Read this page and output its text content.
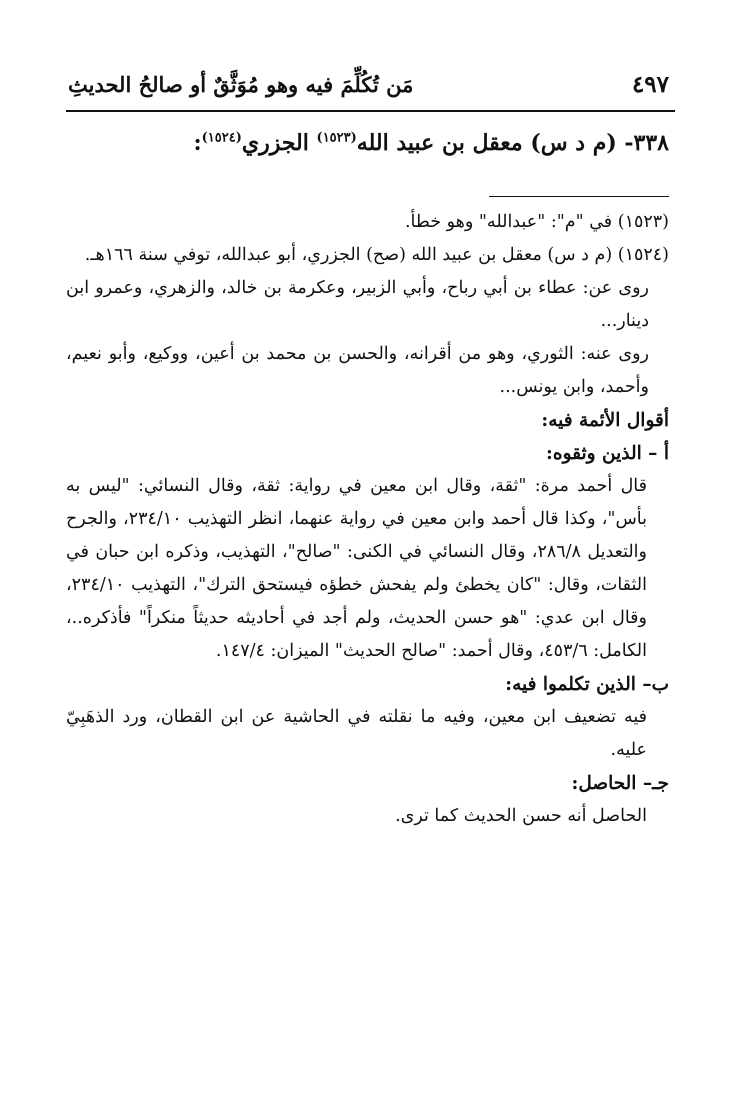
مَن تُكُلِّمَ فيه وهو مُوَثَّقٌ أو صالحُ الحديثِ	٤٩٧
٣٣٨- (م د س) معقل بن عبيد الله$^{(١٥٢٣)}$ الجزري$^{(١٥٢٤)}$:

(١٥٢٣) في "م": "عبدالله" وهو خطأ.

(١٥٢٤) (م د س) معقل بن عبيد الله (صح) الجزري، أبو عبدالله، توفي سنة ١٦٦هـ.

روى عن: عطاء بن أبي رباح، وأبي الزبير، وعكرمة بن خالد، والزهري، وعمرو ابن دينار...

روى عنه: الثوري، وهو من أقرانه، والحسن بن محمد بن أعين، ووكيع، وأبو نعيم، وأحمد، وابن يونس...

أقوال الأئمة فيه:

أ – الذين وثقوه:

قال أحمد مرة: "ثقة، وقال ابن معين في رواية: ثقة، وقال النسائي: "ليس به بأس"، وكذا قال أحمد وابن معين في رواية عنهما، انظر التهذيب ٢٣٤/١٠، والجرح والتعديل ٢٨٦/٨، وقال النسائي في الكنى: "صالح"، التهذيب، وذكره ابن حبان في الثقات، وقال: "كان يخطئ ولم يفحش خطؤه فيستحق الترك"، التهذيب ٢٣٤/١٠، وقال ابن عدي: "هو حسن الحديث، ولم أجد في أحاديثه حديثاً منكراً" فأذكره..، الكامل: ٤٥٣/٦، وقال أحمد: "صالح الحديث" الميزان: ١٤٧/٤.

ب– الذين تكلموا فيه:

فيه تضعيف ابن معين، وفيه ما نقلته في الحاشية عن ابن القطان، ورد الذهَبِيّ عليه.

جـ– الحاصل:

الحاصل أنه حسن الحديث كما ترى.
